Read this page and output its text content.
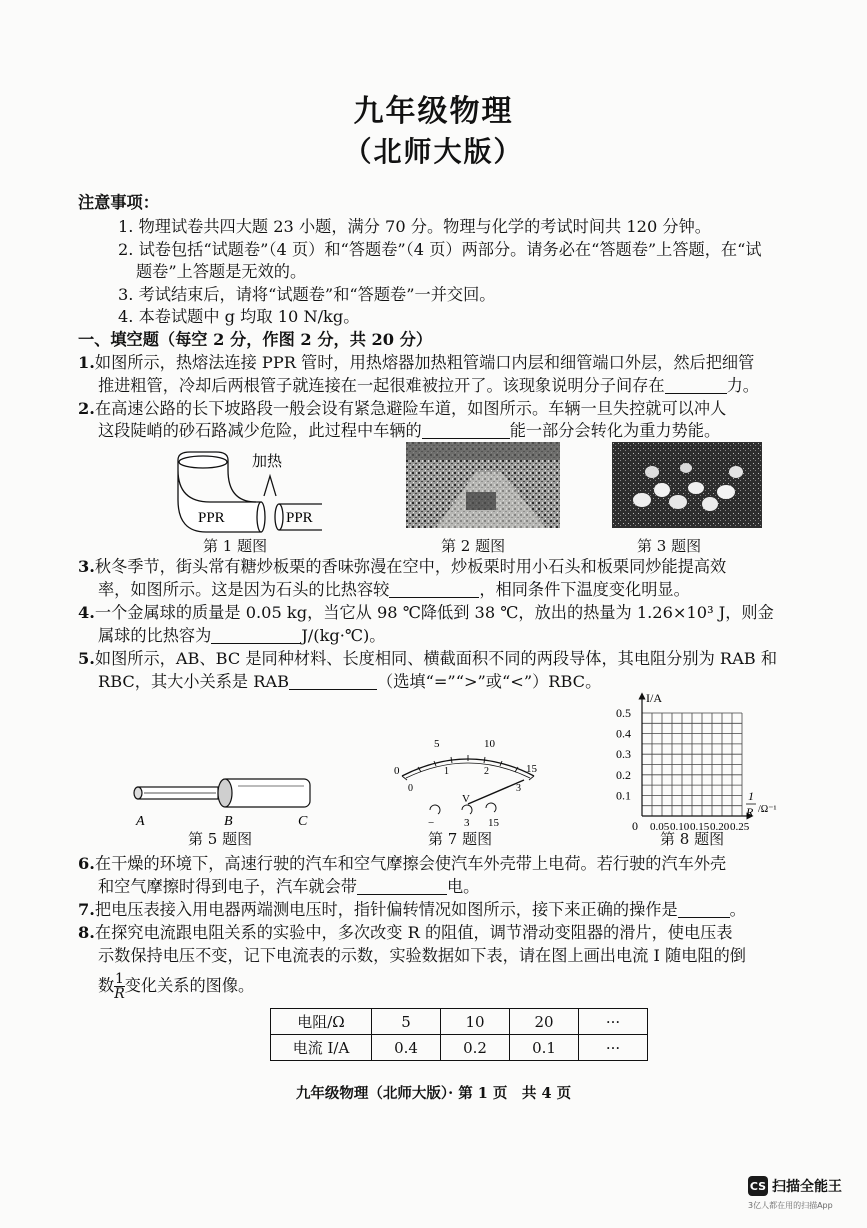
九年级物理
（北师大版）
注意事项：
1. 物理试卷共四大题 23 小题，满分 70 分。物理与化学的考试时间共 120 分钟。
2. 试卷包括“试题卷”（4 页）和“答题卷”（4 页）两部分。请务必在“答题卷”上答题，在“试
题卷”上答题是无效的。
3. 考试结束后，请将“试题卷”和“答题卷”一并交回。
4. 本卷试题中 g 均取 10 N/kg。
一、填空题（每空 2 分，作图 2 分，共 20 分）
1.如图所示，热熔法连接 PPR 管时，用热熔器加热粗管端口内层和细管端口外层，然后把细管
推进粗管，冷却后两根管子就连接在一起很难被拉开了。该现象说明分子间存在	力。
2.在高速公路的长下坡路段一般会设有紧急避险车道，如图所示。车辆一旦失控就可以冲人
这段陡峭的砂石路减少危险，此过程中车辆的	能一部分会转化为重力势能。
PPR	PPR
加热
第 1 题图	第 2 题图	第 3 题图
3.秋冬季节，街头常有糖炒板栗的香味弥漫在空中，炒板栗时用小石头和板栗同炒能提高效
率，如图所示。这是因为石头的比热容较	，相同条件下温度变化明显。
4.一个金属球的质量是 0.05 kg，当它从 98 ℃降低到 38 ℃，放出的热量为 1.26×10³ J，则金
属球的比热容为	J/(kg·℃)。
5.如图所示，AB、BC 是同种材料、长度相同、横截面积不同的两段导体，其电阻分别为 RAB 和
RBC，其大小关系是 RAB	（选填“=”“>”或“<”）RBC。
A	B	C
第 5 题图
0
5	10
15
0
1	2
3
V
−	3 15
第 7 题图
I/A
0.5
0.4
0.3
0.2
0.1
0 0.05 0.10 0.15 0.20 0.25
1
R /Ω⁻¹
第 8 题图
6.在干燥的环境下，高速行驶的汽车和空气摩擦会使汽车外壳带上电荷。若行驶的汽车外壳
和空气摩擦时得到电子，汽车就会带	电。
7.把电压表接入用电器两端测电压时，指针偏转情况如图所示，接下来正确的操作是	。
8.在探究电流跟电阻关系的实验中，多次改变 R 的阻值，调节滑动变阻器的滑片，使电压表
示数保持电压不变，记下电流表的示数，实验数据如下表，请在图上画出电流 I 随电阻的倒
数 $\frac{1}{R}$ 变化关系的图像。
电阻/Ω	5	10	20	···
电流 I/A	0.4	0.2	0.1	···
九年级物理（北师大版）· 第 1 页　共 4 页
CS 扫描全能王
3亿人都在用的扫描App
